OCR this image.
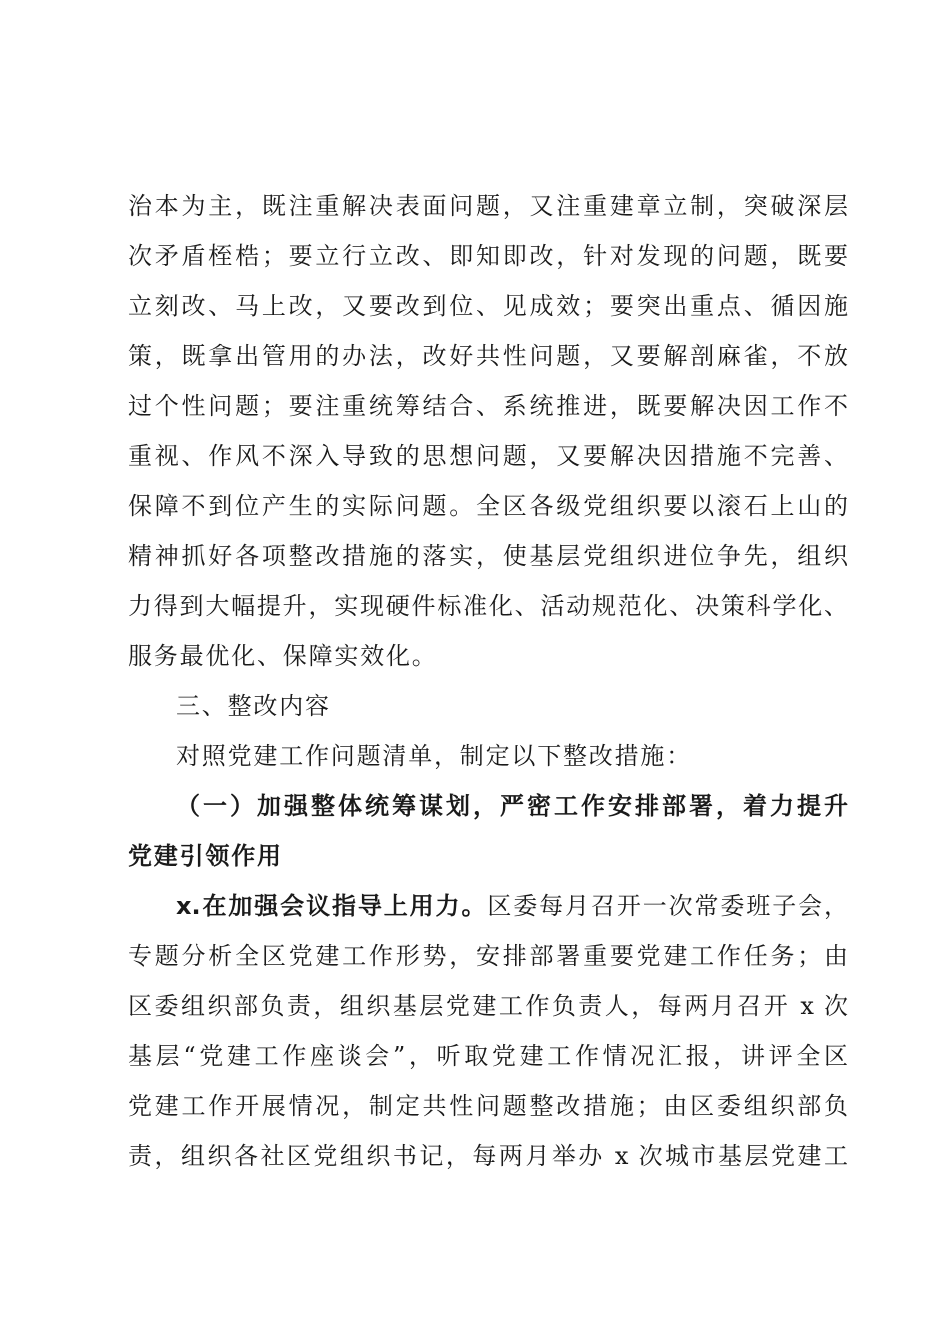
治本为主，既注重解决表面问题，又注重建章立制，突破深层
次矛盾桎梏；要立行立改、即知即改，针对发现的问题，既要
立刻改、马上改，又要改到位、见成效；要突出重点、循因施
策，既拿出管用的办法，改好共性问题，又要解剖麻雀，不放
过个性问题；要注重统筹结合、系统推进，既要解决因工作不
重视、作风不深入导致的思想问题，又要解决因措施不完善、
保障不到位产生的实际问题。全区各级党组织要以滚石上山的
精神抓好各项整改措施的落实，使基层党组织进位争先，组织
力得到大幅提升，实现硬件标准化、活动规范化、决策科学化、
服务最优化、保障实效化。
三、整改内容
对照党建工作问题清单，制定以下整改措施：
（一）加强整体统筹谋划，严密工作安排部署，着力提升
党建引领作用
x.在加强会议指导上用力。区委每月召开一次常委班子会，
专题分析全区党建工作形势，安排部署重要党建工作任务；由
区委组织部负责，组织基层党建工作负责人，每两月召开 x 次
基层“党建工作座谈会”，听取党建工作情况汇报，讲评全区
党建工作开展情况，制定共性问题整改措施；由区委组织部负
责，组织各社区党组织书记，每两月举办 x 次城市基层党建工
